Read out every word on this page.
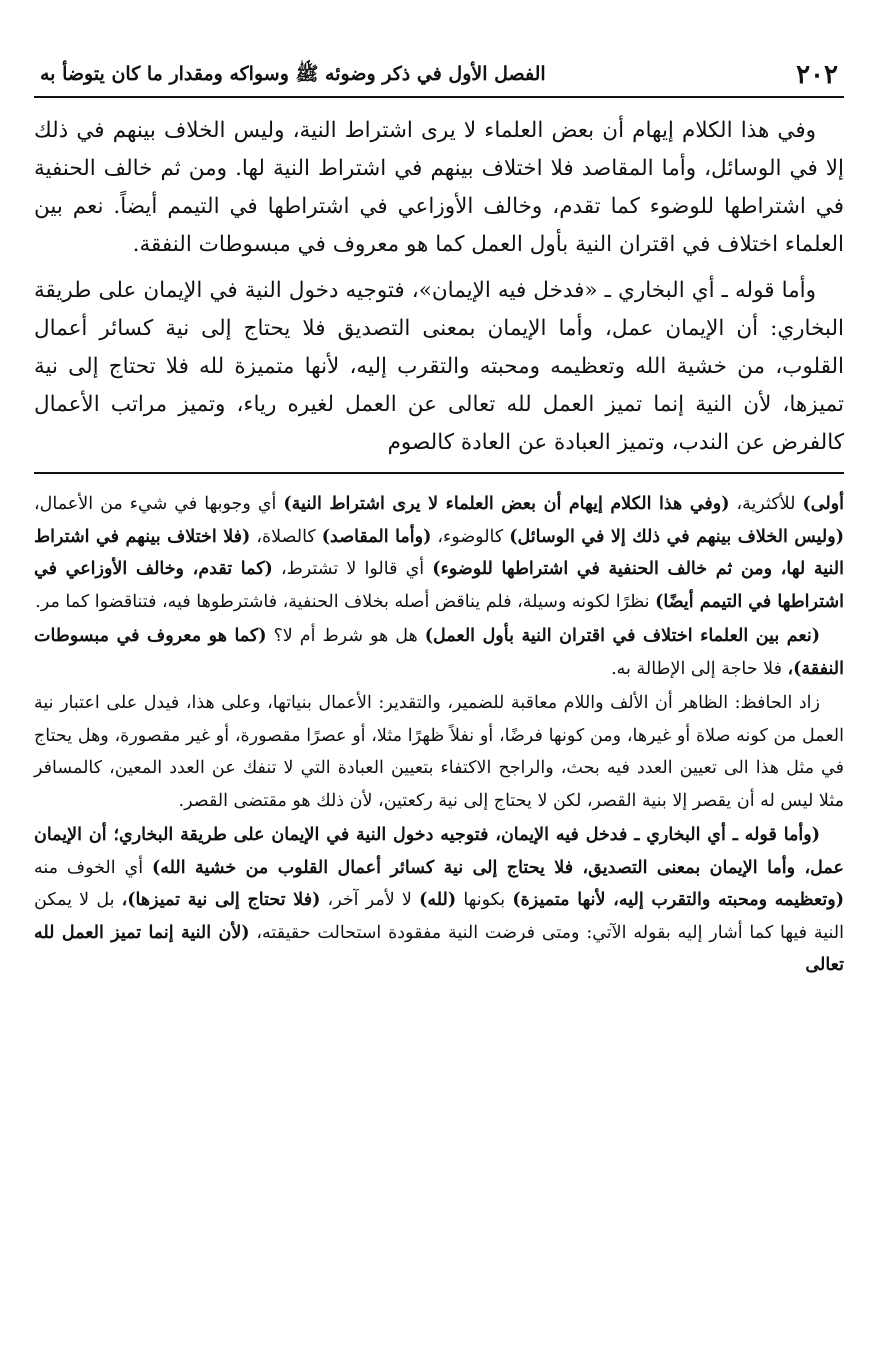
٢٠٢
الفصل الأول في ذكر وضوئه ﷺ وسواكه ومقدار ما كان يتوضأ به

وفي هذا الكلام إيهام أن بعض العلماء لا يرى اشتراط النية، وليس الخلاف بينهم في ذلك إلا في الوسائل، وأما المقاصد فلا اختلاف بينهم في اشتراط النية لها. ومن ثم خالف الحنفية في اشتراطها للوضوء كما تقدم، وخالف الأوزاعي في اشتراطها في التيمم أيضاً. نعم بين العلماء اختلاف في اقتران النية بأول العمل كما هو معروف في مبسوطات النفقة.

وأما قوله ـ أي البخاري ـ «فدخل فيه الإيمان»، فتوجيه دخول النية في الإيمان على طريقة البخاري: أن الإيمان عمل، وأما الإيمان بمعنى التصديق فلا يحتاج إلى نية كسائر أعمال القلوب، من خشية الله وتعظيمه ومحبته والتقرب إليه، لأنها متميزة لله فلا تحتاج إلى نية تميزها، لأن النية إنما تميز العمل لله تعالى عن العمل لغيره رياء، وتميز مراتب الأعمال كالفرض عن الندب، وتميز العبادة عن العادة كالصوم

أولى) للأكثرية، (وفي هذا الكلام إيهام أن بعض العلماء لا يرى اشتراط النية) أي وجوبها في شيء من الأعمال، (وليس الخلاف بينهم في ذلك إلا في الوسائل) كالوضوء، (وأما المقاصد) كالصلاة، (فلا اختلاف بينهم في اشتراط النية لها، ومن ثم خالف الحنفية في اشتراطها للوضوء) أي قالوا لا تشترط، (كما تقدم، وخالف الأوزاعي في اشتراطها في التيمم أيضًا) نظرًا لكونه وسيلة، فلم يناقض أصله بخلاف الحنفية، فاشترطوها فيه، فتناقضوا كما مر.

(نعم بين العلماء اختلاف في اقتران النية بأول العمل) هل هو شرط أم لا؟ (كما هو معروف في مبسوطات النفقة)، فلا حاجة إلى الإطالة به.

زاد الحافظ: الظاهر أن الألف واللام معاقبة للضمير، والتقدير: الأعمال بنياتها، وعلى هذا، فيدل على اعتبار نية العمل من كونه صلاة أو غيرها، ومن كونها فرضًا، أو نفلاً ظهرًا مثلا، أو عصرًا مقصورة، أو غير مقصورة، وهل يحتاج في مثل هذا الى تعيين العدد فيه بحث، والراجح الاكتفاء بتعيين العبادة التي لا تنفك عن العدد المعين، كالمسافر مثلا ليس له أن يقصر إلا بنية القصر، لكن لا يحتاج إلى نية ركعتين، لأن ذلك هو مقتضى القصر.

(وأما قوله ـ أي البخاري ـ فدخل فيه الإيمان، فتوجيه دخول النية في الإيمان على طريقة البخاري؛ أن الإيمان عمل، وأما الإيمان بمعنى التصديق، فلا يحتاج إلى نية كسائر أعمال القلوب من خشية الله) أي الخوف منه (وتعظيمه ومحبته والتقرب إليه، لأنها متميزة) بكونها (لله) لا لأمر آخر، (فلا تحتاج إلى نية تميزها)، بل لا يمكن النية فيها كما أشار إليه بقوله الآتي: ومتى فرضت النية مفقودة استحالت حقيقته، (لأن النية إنما تميز العمل لله تعالى
